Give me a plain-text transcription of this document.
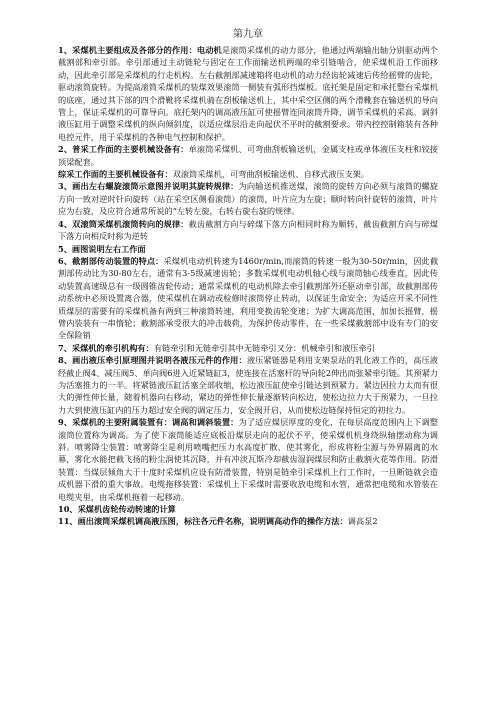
第九章

1、采煤机主要组成及各部分的作用：电动机是滚筒采煤机的动力部分，他通过两端输出轴分别驱动两个截割部和牵引部。牵引部通过主动链轮与固定在工作面输送机两端的牵引链啮合，使采煤机沿工作面移动，因此牵引部是采煤机的行走机构。左右截割部减速箱将电动机的动力经齿轮减速后传给摇臂的齿轮，驱动滚筒旋转。为提高滚筒采煤机的装煤效果滚筒一侧装有弧形挡煤板。底托架是固定和承托整台采煤机的底座，通过其下部的四个滑靴将采煤机骑在刮板输送机上，其中采空区侧的两个滑靴套在输送机的导向管上，保证采煤机的可靠导向。底托架内的调高液压缸可使摇臂连同滚筒升降，调节采煤机的采高。调斜液压缸用于调整采煤机的纵向倾斜度，以适应煤层沿走向起伏不平时的截割要求。带内控控制箱装有各种电控元件，用于采煤机的各种电气控制和保护。

2、普采工作面的主要机械设备有：单滚筒采煤机、可弯曲刮板输送机，金属支柱或单体液压支柱和铰接顶梁配套。

综采工作面的主要机械设备有：双滚筒采煤机，可弯曲刮板输送机、自移式液压支架。

3、画出左右螺旋滚筒示意图并说明其旋转规律：为向输送机推送煤，滚筒的旋转方向必须与滚筒的螺旋方向一致对逆时针向旋转（站在采空区侧看滚筒）的滚筒，叶片应为左旋；顺时转向针旋转的滚筒，叶片应为右旋，及应符合通常所说的“左转左旋，右转右旋右旋的规律。

4、双滚筒采煤机滚筒转向的规律：截齿截割方向与碎煤下落方向相同时称为顺转，截齿截割方向与碎煤下落方向相反时称为逆转

5、画图说明左右工作面

6、截割部传动装置的特点：采煤机电动机转速为1460r/min,而滚筒的转速一般为30-50r/min，因此截割部传动比为30-80左右，通常有3-5级减速齿轮；多数采煤机电动机轴心线与滚筒轴心线垂直，因此传动装置高速级总有一级圆锥齿轮传动；通常采煤机的电动机除去牵引截割部外还驱动牵引部，故截割部传动系统中必须设置离合器，使采煤机在调动或检修时滚筒停止转动，以保证生命安全；为适应开采不同性质煤层的需要有的采煤机备有两到三种滚筒转速，利用变换齿轮变速；为扩大调高范围，加加长摇臂，摇臂内装装有一串惰轮；截割部承受很大的冲击载荷，为保护传动零件，在一些采煤截割部中设有专门的安全保险销

7、采煤机的牵引机构有：有链牵引和无链牵引其中无链牵引又分：机械牵引和液压牵引

8、画出液压牵引原理图并说明各液压元件的作用：液压紧链器是利用支架泵站的乳化液工作的，高压液经截止阀4、减压阀5、单向阀6进入近紧链缸3，使连接在活塞杆的导向轮2伸出而张紧牵引链。其预紧力为活塞推力的一半。将紧链液压缸活塞全部收缩，松边液压缸使牵引链达到预紧力。紧边因拉力太而有很大的弹性伸长量，随着机器向右移动，紧边的弹性伸长量逐渐转向松边，使松边拉力大于预紧力，一旦拉力大到使液压缸内的压力超过安全阀的调定压力，安全阀开启，从而使松边链保持恒定的初拉力。

9、采煤机的主要附属装置有：调高和调斜装置：为了适应煤层厚度的变化，在每层高度范围内上下调整滚筒位置称为调高。为了使下滚筒能适应底板沿煤层走向的起伏不平，使采煤机机身绕纵轴摆动称为调斜。喷雾降尘装置：喷雾降尘是利用喷嘴把压力水高度扩散，使其雾化，形成将粉尘源与外界隔离的水幕，雾化水能把截飞扬的粉尘润使其沉降，并有冲淡瓦斯冷却截齿湿润煤层和防止截割火花等作用。防滑装置：当煤层倾角大于十度时采煤机应设有防滑装置，特别是链牵引采煤机上行工作时，一旦断链就会造成机器下滑的重大事故。电缆拖移装置：采煤机上下采煤时需要收放电缆和水管，通常把电缆和水管装在电缆夹里，由采煤机拖着一起移动。

10、采煤机齿轮传动转速的计算

11、画出滚筒采煤机调高液压图，标注各元件名称，说明调高动作的操作方法：调高泵2
